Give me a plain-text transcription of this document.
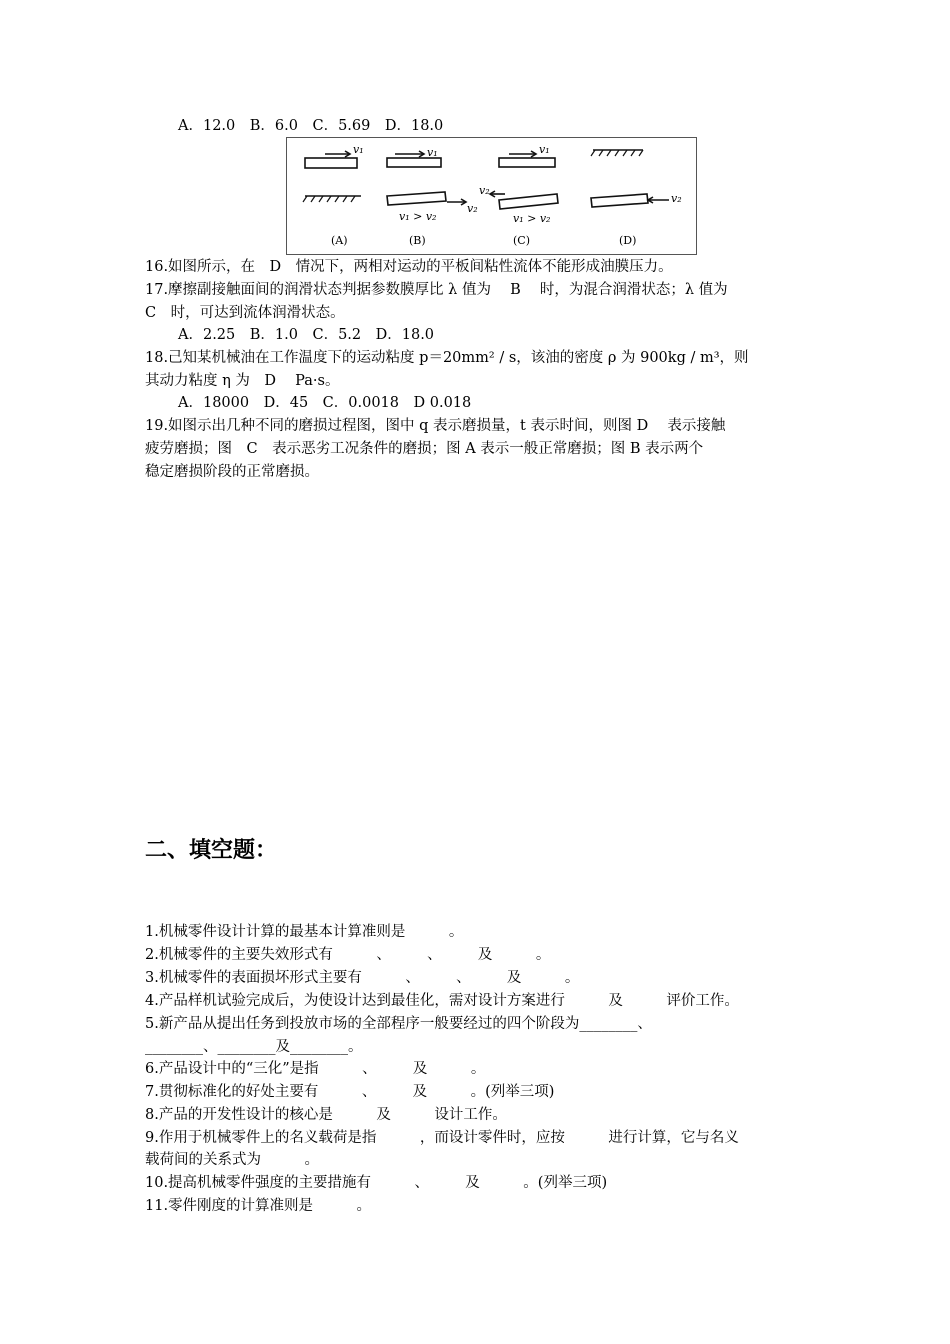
A．12.0　B．6.0　C．5.69　D．18.0
v₁	v₁
v₂
v₁ > v₂
v₁
v₂
v₁ > v₂
v₂
(A)	(B)	(C)	(D)
16.如图所示，在　D　情况下，两相对运动的平板间粘性流体不能形成油膜压力。
17.摩擦副接触面间的润滑状态判据参数膜厚比 λ 值为　 B　 时，为混合润滑状态；λ 值为
C　时，可达到流体润滑状态。
A．2.25　B．1.0　C．5.2　D．18.0
18.己知某机械油在工作温度下的运动粘度 p＝20mm² / s，该油的密度 ρ 为 900kg / m³，则
其动力粘度 η 为　D　 Pa·s。
A．18000　D．45　C．0.0018　D 0.018
19.如图示出几种不同的磨损过程图，图中 q 表示磨损量，t 表示时间，则图 D　 表示接触
疲劳磨损；图　C　表示恶劣工况条件的磨损；图 A 表示一般正常磨损；图 B 表示两个
稳定磨损阶段的正常磨损。
二、填空题：
1.机械零件设计计算的最基本计算准则是　　　。
2.机械零件的主要失效形式有　　　、　　　、　　　及　　　。
3.机械零件的表面损坏形式主要有　　　、　　　、　　　及　　　。
4.产品样机试验完成后，为使设计达到最佳化，需对设计方案进行　　　及　　　评价工作。
5.新产品从提出任务到投放市场的全部程序一般要经过的四个阶段为________、
________、________及________。
6.产品设计中的“三化”是指　　　、　　　及　　　。
7.贯彻标准化的好处主要有　　　、　　　及　　　。(列举三项)
8.产品的开发性设计的核心是　　　及　　　设计工作。
9.作用于机械零件上的名义载荷是指　　　，而设计零件时，应按　　　进行计算，它与名义
载荷间的关系式为　　　。
10.提高机械零件强度的主要措施有　　　、　　　及　　　。(列举三项)
11.零件刚度的计算准则是　　　。
